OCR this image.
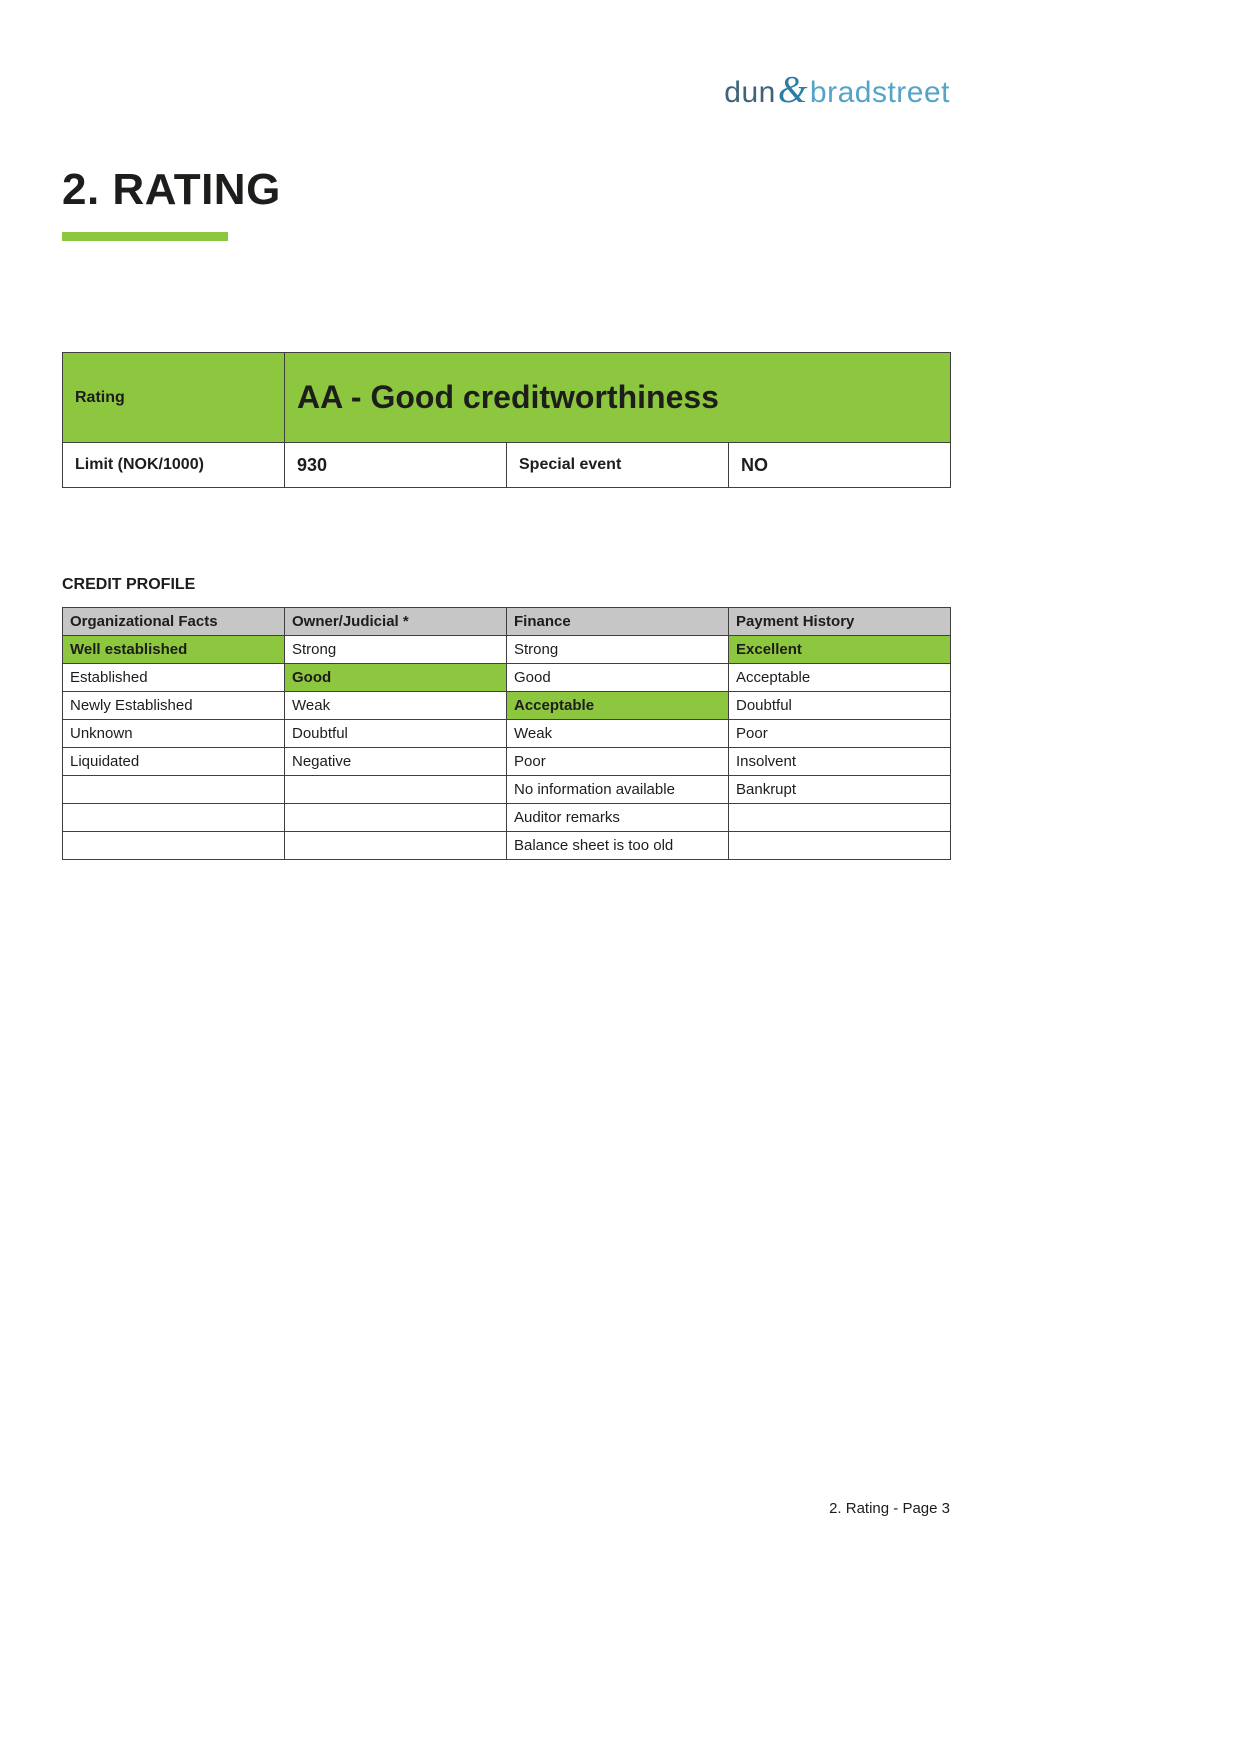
dun&bradstreet
2. RATING
Rating	AA - Good creditworthiness		
Limit (NOK/1000)	930	Special event	NO
CREDIT PROFILE
Organizational Facts	Owner/Judicial *	Finance	Payment History
Well established	Strong	Strong	Excellent
Established	Good	Good	Acceptable
Newly Established	Weak	Acceptable	Doubtful
Unknown	Doubtful	Weak	Poor
Liquidated	Negative	Poor	Insolvent
		No information available	Bankrupt
		Auditor remarks	
		Balance sheet is too old	
2. Rating - Page 3
